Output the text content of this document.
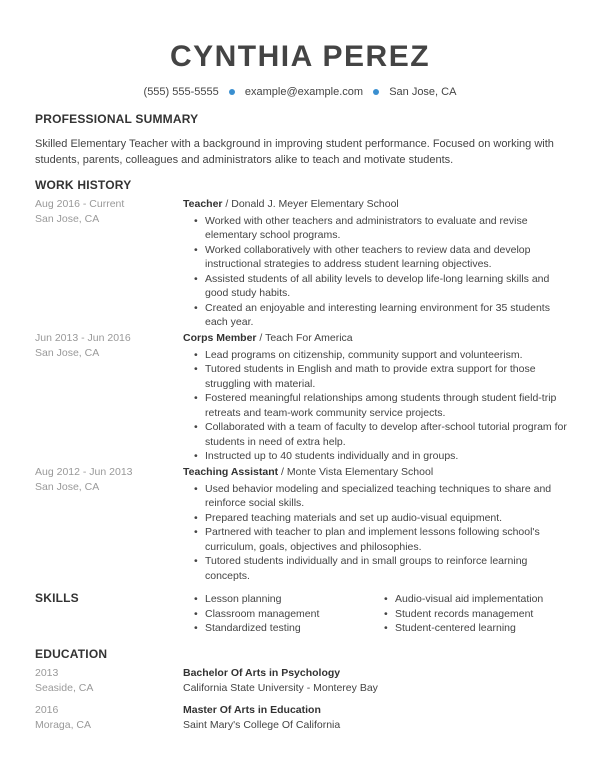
CYNTHIA PEREZ
(555) 555-5555 example@example.com San Jose, CA
PROFESSIONAL SUMMARY
Skilled Elementary Teacher with a background in improving student performance. Focused on working with students, parents, colleagues and administrators alike to teach and motivate students.
WORK HISTORY
Aug 2016 - Current
San Jose, CA
Teacher / Donald J. Meyer Elementary School
• Worked with other teachers and administrators to evaluate and revise elementary school programs.
• Worked collaboratively with other teachers to review data and develop instructional strategies to address student learning objectives.
• Assisted students of all ability levels to develop life-long learning skills and good study habits.
• Created an enjoyable and interesting learning environment for 35 students each year.
Jun 2013 - Jun 2016
San Jose, CA
Corps Member / Teach For America
• Lead programs on citizenship, community support and volunteerism.
• Tutored students in English and math to provide extra support for those struggling with material.
• Fostered meaningful relationships among students through student field-trip retreats and team-work community service projects.
• Collaborated with a team of faculty to develop after-school tutorial program for students in need of extra help.
• Instructed up to 40 students individually and in groups.
Aug 2012 - Jun 2013
San Jose, CA
Teaching Assistant / Monte Vista Elementary School
• Used behavior modeling and specialized teaching techniques to share and reinforce social skills.
• Prepared teaching materials and set up audio-visual equipment.
• Partnered with teacher to plan and implement lessons following school's curriculum, goals, objectives and philosophies.
• Tutored students individually and in small groups to reinforce learning concepts.
SKILLS
•	Lesson planning
• Classroom management
• Standardized testing
• Audio-visual aid implementation
• Student records management
• Student-centered learning
EDUCATION
2013
Seaside, CA
Bachelor Of Arts in Psychology
California State University - Monterey Bay
2016
Moraga, CA
Master Of Arts in Education
Saint Mary's College Of California
